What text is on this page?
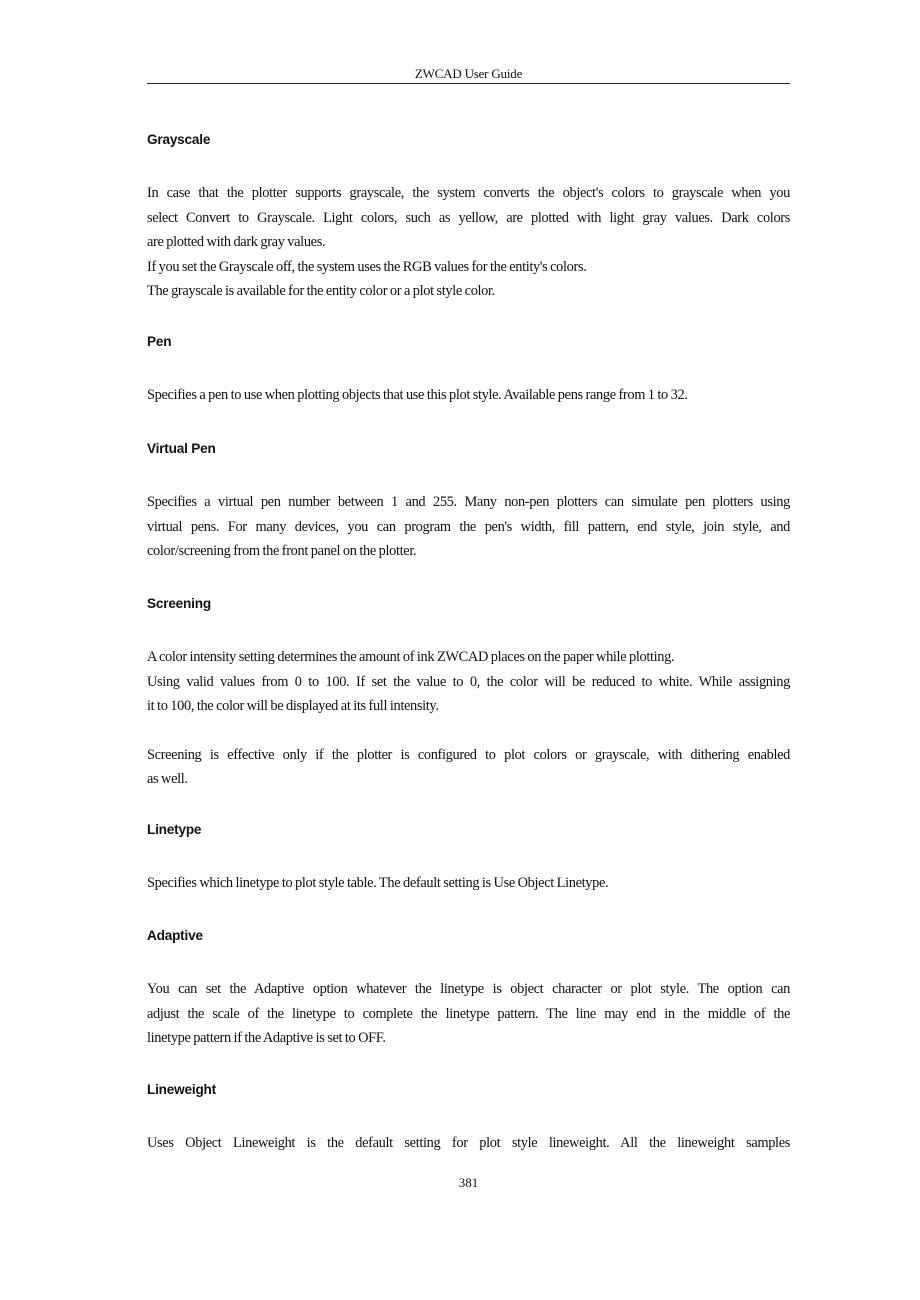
ZWCAD User Guide
Grayscale

In case that the plotter supports grayscale, the system converts the object's colors to grayscale when you
select Convert to Grayscale. Light colors, such as yellow, are plotted with light gray values. Dark colors
are plotted with dark gray values.
If you set the Grayscale off, the system uses the RGB values for the entity's colors.
The grayscale is available for the entity color or a plot style color.

Pen

Specifies a pen to use when plotting objects that use this plot style. Available pens range from 1 to 32.

Virtual Pen

Specifies a virtual pen number between 1 and 255. Many non-pen plotters can simulate pen plotters using
virtual pens. For many devices, you can program the pen's width, fill pattern, end style, join style, and
color/screening from the front panel on the plotter.

Screening

A color intensity setting determines the amount of ink ZWCAD places on the paper while plotting.
Using valid values from 0 to 100. If set the value to 0, the color will be reduced to white. While assigning
it to 100, the color will be displayed at its full intensity.

Screening is effective only if the plotter is configured to plot colors or grayscale, with dithering enabled
as well.

Linetype

Specifies which linetype to plot style table. The default setting is Use Object Linetype.

Adaptive

You can set the Adaptive option whatever the linetype is object character or plot style. The option can
adjust the scale of the linetype to complete the linetype pattern. The line may end in the middle of the
linetype pattern if the Adaptive is set to OFF.

Lineweight

Uses Object Lineweight is the default setting for plot style lineweight. All the lineweight samples

381
